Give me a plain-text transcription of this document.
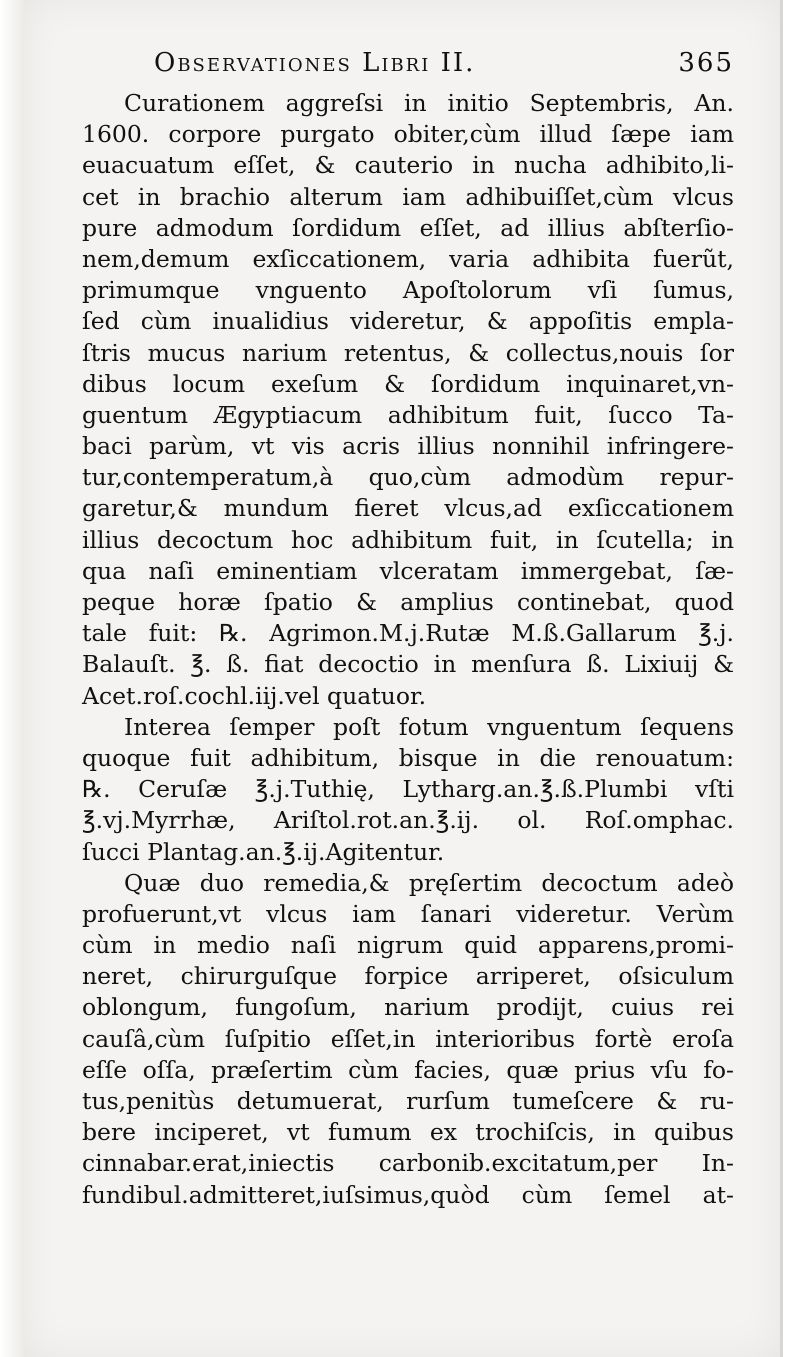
Observationes Libri II.	365
Curationem aggreſsi in initio Septembris, An.
1600. corpore purgato obiter,cùm illud ſæpe iam
euacuatum eſſet, & cauterio in nucha adhibito,li-
cet in brachio alterum iam adhibuiſſet,cùm vlcus
pure admodum ſordidum eſſet, ad illius abſterſio-
nem,demum exſiccationem, varia adhibita fuerũt,
primumque vnguento Apoſtolorum vſi ſumus,
ſed cùm inualidius videretur, & appoſitis empla-
ſtris mucus narium retentus, & collectus,nouis ſor
dibus locum exeſum & ſordidum inquinaret,vn-
guentum Ægyptiacum adhibitum fuit, ſucco Ta-
baci parùm, vt vis acris illius nonnihil infringere-
tur,contemperatum,à quo,cùm admodùm repur-
garetur,& mundum fieret vlcus,ad exſiccationem
illius decoctum hoc adhibitum fuit, in ſcutella; in
qua naſi eminentiam vlceratam immergebat, ſæ-
peque horæ ſpatio & amplius continebat, quod
tale fuit: ℞. Agrimon.M.j.Rutæ M.ß.Gallarum ℥.j.
Balauſt. ℥. ß. fiat decoctio in menſura ß. Lixiuij &
Acet.roſ.cochl.iij.vel quatuor.
Interea ſemper poſt fotum vnguentum ſequens
quoque fuit adhibitum, bisque in die renouatum:
℞. Ceruſæ ℥.j.Tuthię, Lytharg.an.℥.ß.Plumbi vſti
℥.vj.Myrrhæ, Ariſtol.rot.an.℥.ij. ol. Roſ.omphac.
ſucci Plantag.an.℥.ij.Agitentur.
Quæ duo remedia,& pręſertim decoctum adeò
profuerunt,vt vlcus iam ſanari videretur. Verùm
cùm in medio naſi nigrum quid apparens,promi-
neret, chirurguſque forpice arriperet, oſsiculum
oblongum, fungoſum, narium prodijt, cuius rei
cauſâ,cùm ſuſpitio eſſet,in interioribus fortè eroſa
eſſe oſſa, præſertim cùm facies, quæ prius vſu fo-
tus,penitùs detumuerat, rurſum tumeſcere & ru-
bere inciperet, vt fumum ex trochiſcis, in quibus
cinnabar.erat,iniectis carbonib.excitatum,per In-
fundibul.admitteret,iuſsimus,quòd cùm ſemel at-
